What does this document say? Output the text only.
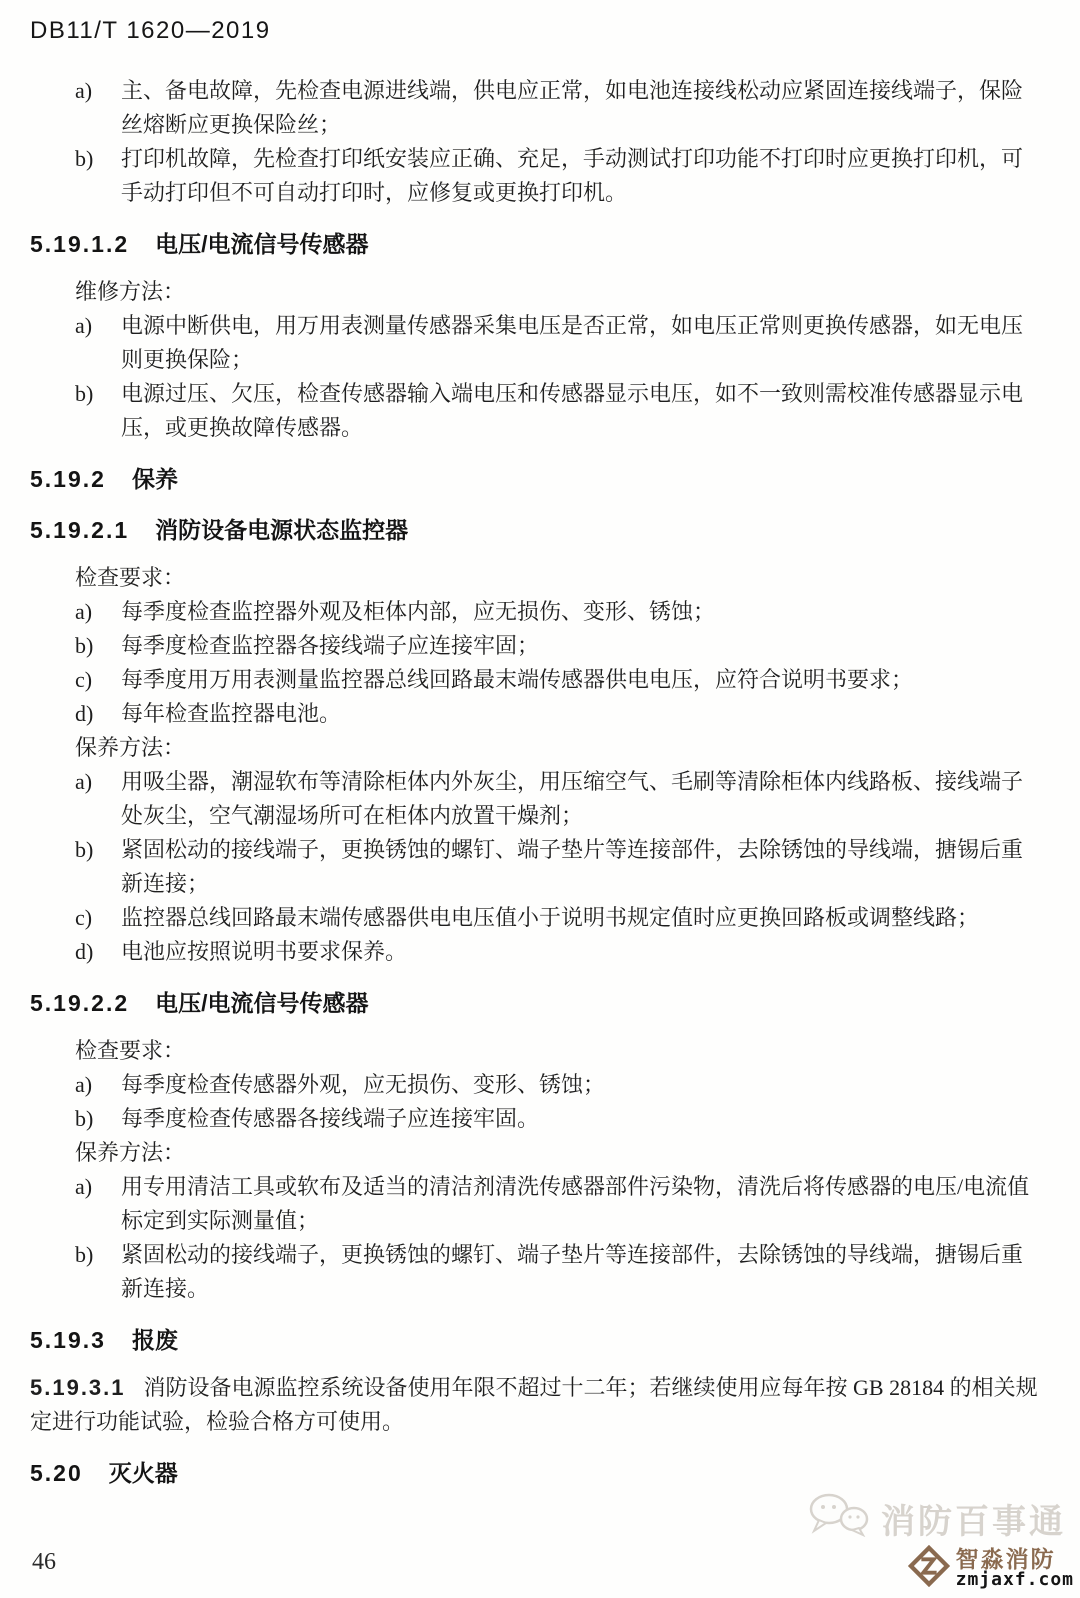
DB11/T 1620—2019
a)	主、备电故障，先检查电源进线端，供电应正常，如电池连接线松动应紧固连接线端子，保险丝熔断应更换保险丝；
b)	打印机故障，先检查打印纸安装应正确、充足，手动测试打印功能不打印时应更换打印机，可手动打印但不可自动打印时，应修复或更换打印机。
5.19.1.2 电压/电流信号传感器
维修方法：
a)	电源中断供电，用万用表测量传感器采集电压是否正常，如电压正常则更换传感器，如无电压则更换保险；
b)	电源过压、欠压，检查传感器输入端电压和传感器显示电压，如不一致则需校准传感器显示电压，或更换故障传感器。
5.19.2 保养
5.19.2.1 消防设备电源状态监控器
检查要求：
a)	每季度检查监控器外观及柜体内部，应无损伤、变形、锈蚀；
b)	每季度检查监控器各接线端子应连接牢固；
c)	每季度用万用表测量监控器总线回路最末端传感器供电电压，应符合说明书要求；
d)	每年检查监控器电池。
保养方法：
a)	用吸尘器，潮湿软布等清除柜体内外灰尘，用压缩空气、毛刷等清除柜体内线路板、接线端子处灰尘，空气潮湿场所可在柜体内放置干燥剂；
b)	紧固松动的接线端子，更换锈蚀的螺钉、端子垫片等连接部件，去除锈蚀的导线端，搪锡后重新连接；
c)	监控器总线回路最末端传感器供电电压值小于说明书规定值时应更换回路板或调整线路；
d)	电池应按照说明书要求保养。
5.19.2.2 电压/电流信号传感器
检查要求：
a)	每季度检查传感器外观，应无损伤、变形、锈蚀；
b)	每季度检查传感器各接线端子应连接牢固。
保养方法：
a)	用专用清洁工具或软布及适当的清洁剂清洗传感器部件污染物，清洗后将传感器的电压/电流值标定到实际测量值；
b)	紧固松动的接线端子，更换锈蚀的螺钉、端子垫片等连接部件，去除锈蚀的导线端，搪锡后重新连接。
5.19.3 报废
5.19.3.1 消防设备电源监控系统设备使用年限不超过十二年；若继续使用应每年按 GB 28184 的相关规定进行功能试验，检验合格方可使用。
5.20 灭火器
46
消防百事通
智淼消防
zmjaxf.com
